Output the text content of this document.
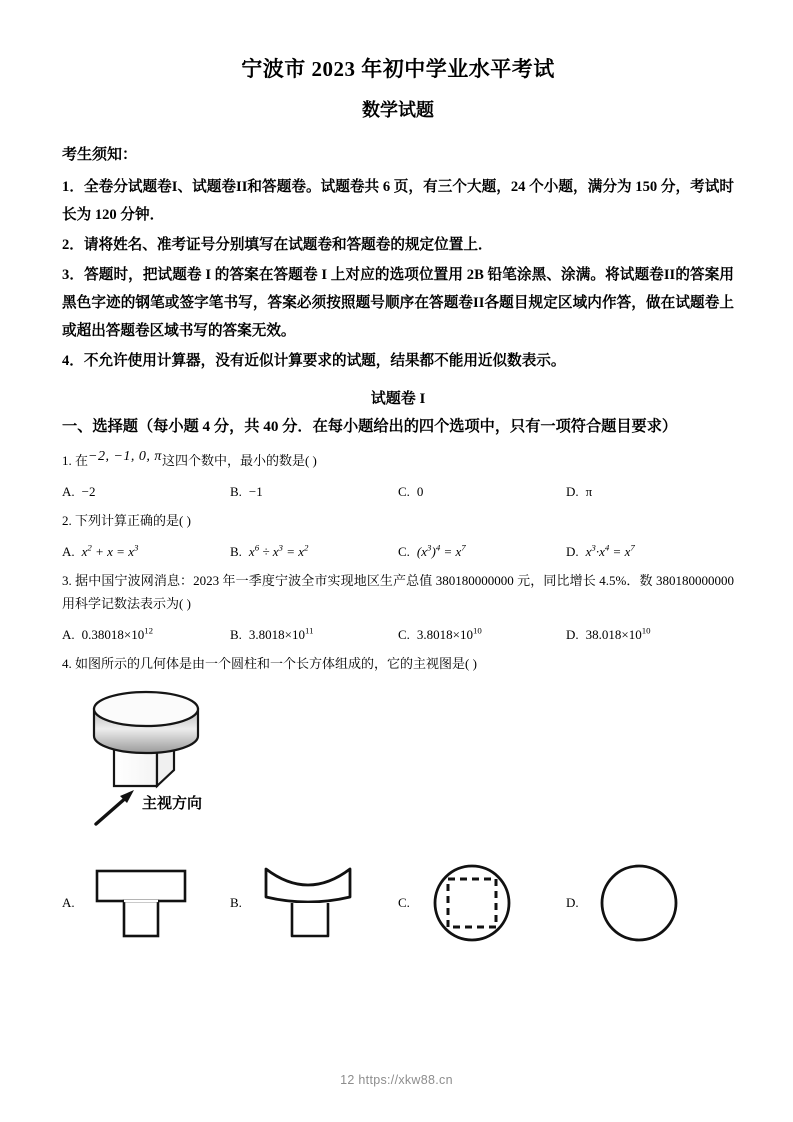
宁波市 2023 年初中学业水平考试
数学试题
考生须知：
1．全卷分试题卷I、试题卷II和答题卷。试题卷共 6 页，有三个大题，24 个小题，满分为 150 分，考试时长为 120 分钟．
2．请将姓名、准考证号分别填写在试题卷和答题卷的规定位置上．
3．答题时，把试题卷 I 的答案在答题卷 I 上对应的选项位置用 2B 铅笔涂黑、涂满。将试题卷II的答案用黑色字迹的钢笔或签字笔书写，答案必须按照题号顺序在答题卷II各题目规定区域内作答，做在试题卷上或超出答题卷区域书写的答案无效。
4．不允许使用计算器，没有近似计算要求的试题，结果都不能用近似数表示。
试题卷 I
一、选择题（每小题 4 分，共 40 分．在每小题给出的四个选项中，只有一项符合题目要求）
1. 在−2, −1, 0, π这四个数中，最小的数是( )
A. −2	B. −1	C. 0	D. π
2. 下列计算正确的是( )
A. $x^2 + x = x^3$	B. $x^6 \div x^3 = x^2$	C. $(x^3)^4 = x^7$	D. $x^3\cdot x^4 = x^7$
3. 据中国宁波网消息：2023 年一季度宁波全市实现地区生产总值 380180000000 元，同比增长 4.5%．数 380180000000 用科学记数法表示为( )
A. $0.38018\times 10^{12}$	B. $3.8018\times 10^{11}$	C. $3.8018\times 10^{10}$	D. $38.018\times 10^{10}$
4. 如图所示的几何体是由一个圆柱和一个长方体组成的，它的主视图是( )
主视方向
A.	B.	C.	D.
12 https://xkw88.cn
